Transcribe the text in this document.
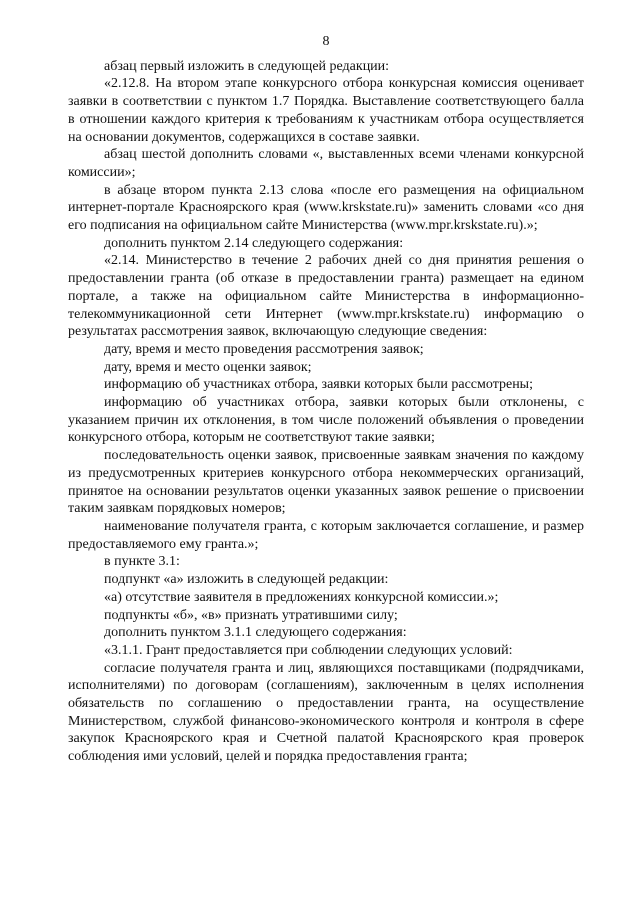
8

абзац первый изложить в следующей редакции:

«2.12.8. На втором этапе конкурсного отбора конкурсная комиссия оценивает заявки в соответствии с пунктом 1.7 Порядка. Выставление соответствующего балла в отношении каждого критерия к требованиям к участникам отбора осуществляется на основании документов, содержащихся в составе заявки.

абзац шестой дополнить словами «, выставленных всеми членами конкурсной комиссии»;

в абзаце втором пункта 2.13 слова «после его размещения на официальном интернет-портале Красноярского края (www.krskstate.ru)» заменить словами «со дня его подписания на официальном сайте Министерства (www.mpr.krskstate.ru).»;

дополнить пунктом 2.14 следующего содержания:

«2.14. Министерство в течение 2 рабочих дней со дня принятия решения о предоставлении гранта (об отказе в предоставлении гранта) размещает на едином портале, а также на официальном сайте Министерства в информационно-телекоммуникационной сети Интернет (www.mpr.krskstate.ru) информацию о результатах рассмотрения заявок, включающую следующие сведения:

дату, время и место проведения рассмотрения заявок;

дату, время и место оценки заявок;

информацию об участниках отбора, заявки которых были рассмотрены;

информацию об участниках отбора, заявки которых были отклонены, с указанием причин их отклонения, в том числе положений объявления о проведении конкурсного отбора, которым не соответствуют такие заявки;

последовательность оценки заявок, присвоенные заявкам значения по каждому из предусмотренных критериев конкурсного отбора некоммерческих организаций, принятое на основании результатов оценки указанных заявок решение о присвоении таким заявкам порядковых номеров;

наименование получателя гранта, с которым заключается соглашение, и размер предоставляемого ему гранта.»;

в пункте 3.1:

подпункт «а» изложить в следующей редакции:

«а) отсутствие заявителя в предложениях конкурсной комиссии.»;

подпункты «б», «в» признать утратившими силу;

дополнить пунктом 3.1.1 следующего содержания:

«3.1.1. Грант предоставляется при соблюдении следующих условий:

согласие получателя гранта и лиц, являющихся поставщиками (подрядчиками, исполнителями) по договорам (соглашениям), заключенным в целях исполнения обязательств по соглашению о предоставлении гранта, на осуществление Министерством, службой финансово-экономического контроля и контроля в сфере закупок Красноярского края и Счетной палатой Красноярского края проверок соблюдения ими условий, целей и порядка предоставления гранта;
